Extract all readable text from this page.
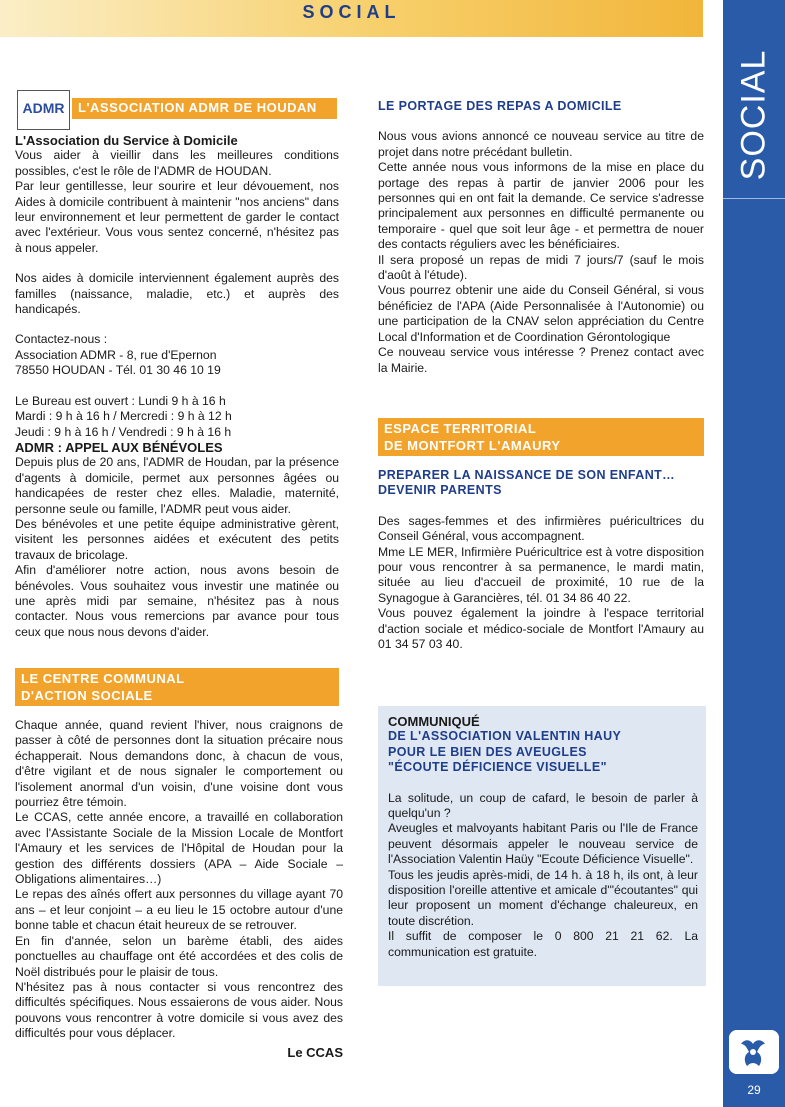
SOCIAL
SOCIAL
29
ADMR	L'ASSOCIATION ADMR DE HOUDAN
L'Association du Service à Domicile

Vous aider à vieillir dans les meilleures conditions possibles, c'est le rôle de l'ADMR de HOUDAN.

Par leur gentillesse, leur sourire et leur dévouement, nos Aides à domicile contribuent à maintenir "nos anciens" dans leur environnement et leur permettent de garder le contact avec l'extérieur. Vous vous sentez concerné, n'hésitez pas à nous appeler.

Nos aides à domicile interviennent également auprès des familles (naissance, maladie, etc.) et auprès des handicapés.

Contactez-nous :
Association ADMR - 8, rue d'Epernon
78550 HOUDAN - Tél. 01 30 46 10 19
Le Bureau est ouvert : Lundi 9 h à 16 h
Mardi : 9 h à 16 h / Mercredi : 9 h à 12 h
Jeudi : 9 h à 16 h / Vendredi : 9 h à 16 h
ADMR : APPEL AUX BÉNÉVOLES

Depuis plus de 20 ans, l'ADMR de Houdan, par la présence d'agents à domicile, permet aux personnes âgées ou handicapées de rester chez elles. Maladie, maternité, personne seule ou famille, l'ADMR peut vous aider.

Des bénévoles et une petite équipe administrative gèrent, visitent les personnes aidées et exécutent des petits travaux de bricolage.

Afin d'améliorer notre action, nous avons besoin de bénévoles. Vous souhaitez vous investir une matinée ou une après midi par semaine, n'hésitez pas à nous contacter. Nous vous remercions par avance pour tous ceux que nous nous devons d'aider.

LE CENTRE COMMUNAL
D'ACTION SOCIALE

Chaque année, quand revient l'hiver, nous craignons de passer à côté de personnes dont la situation précaire nous échapperait. Nous demandons donc, à chacun de vous, d'être vigilant et de nous signaler le comportement ou l'isolement anormal d'un voisin, d'une voisine dont vous pourriez être témoin.

Le CCAS, cette année encore, a travaillé en collaboration avec l'Assistante Sociale de la Mission Locale de Montfort l'Amaury et les services de l'Hôpital de Houdan pour la gestion des différents dossiers (APA – Aide Sociale – Obligations alimentaires…)

Le repas des aînés offert aux personnes du village ayant 70 ans – et leur conjoint – a eu lieu le 15 octobre autour d'une bonne table et chacun était heureux de se retrouver.

En fin d'année, selon un barème établi, des aides ponctuelles au chauffage ont été accordées et des colis de Noël distribués pour le plaisir de tous.

N'hésitez pas à nous contacter si vous rencontrez des difficultés spécifiques. Nous essaierons de vous aider. Nous pouvons vous rencontrer à votre domicile si vous avez des difficultés pour vous déplacer.

Le CCAS
LE PORTAGE DES REPAS A DOMICILE

Nous vous avions annoncé ce nouveau service au titre de projet dans notre précédant bulletin.

Cette année nous vous informons de la mise en place du portage des repas à partir de janvier 2006 pour les personnes qui en ont fait la demande. Ce service s'adresse principalement aux personnes en difficulté permanente ou temporaire - quel que soit leur âge - et permettra de nouer des contacts réguliers avec les bénéficiaires.

Il sera proposé un repas de midi 7 jours/7 (sauf le mois d'août à l'étude).

Vous pourrez obtenir une aide du Conseil Général, si vous bénéficiez de l'APA (Aide Personnalisée à l'Autonomie) ou une participation de la CNAV selon appréciation du Centre Local d'Information et de Coordination Gérontologique

Ce nouveau service vous intéresse ? Prenez contact avec la Mairie.

ESPACE TERRITORIAL
DE MONTFORT L'AMAURY
PREPARER LA NAISSANCE DE SON ENFANT…
DEVENIR PARENTS

Des sages-femmes et des infirmières puéricultrices du Conseil Général, vous accompagnent.

Mme LE MER, Infirmière Puéricultrice est à votre disposition pour vous rencontrer à sa permanence, le mardi matin, située au lieu d'accueil de proximité, 10 rue de la Synagogue à Garancières, tél. 01 34 86 40 22.

Vous pouvez également la joindre à l'espace territorial d'action sociale et médico-sociale de Montfort l'Amaury au 01 34 57 03 40.

COMMUNIQUÉ
DE L'ASSOCIATION VALENTIN HAUY
POUR LE BIEN DES AVEUGLES
"ÉCOUTE DÉFICIENCE VISUELLE"

La solitude, un coup de cafard, le besoin de parler à quelqu'un ?

Aveugles et malvoyants habitant Paris ou l'Ile de France peuvent désormais appeler le nouveau service de l'Association Valentin Haüy "Ecoute Déficience Visuelle".

Tous les jeudis après-midi, de 14 h. à 18 h, ils ont, à leur disposition l'oreille attentive et amicale d'"écoutantes" qui leur proposent un moment d'échange chaleureux, en toute discrétion.

Il suffit de composer le 0 800 21 21 62. La communication est gratuite.
